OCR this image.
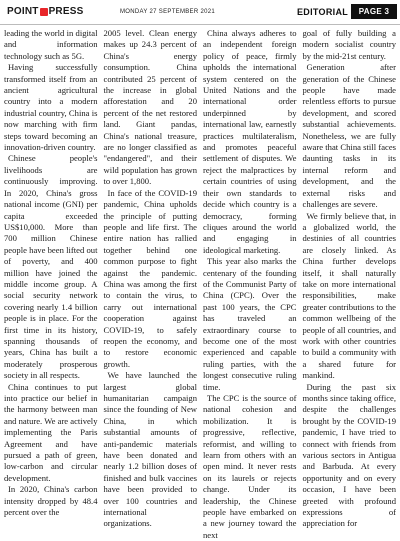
POINT PRESS	MONDAY 27 SEPTEMBER 2021	EDITORIAL	PAGE 3

leading the world in digital and information technology such as 5G.

Having successfully transformed itself from an ancient agricultural country into a modern industrial country, China is now marching with firm steps toward becoming an innovation-driven country.

Chinese people's livelihoods are continuously improving. In 2020, China's gross national income (GNI) per capita exceeded US$10,000. More than 700 million Chinese people have been lifted out of poverty, and 400 million have joined the middle income group. A social security network covering nearly 1.4 billion people is in place. For the first time in its history, spanning thousands of years, China has built a moderately prosperous society in all respects.

China continues to put into practice our belief in the harmony between man and nature. We are actively implementing the Paris Agreement and have pursued a path of green, low-carbon and circular development.

In 2020, China's carbon intensity dropped by 48.4 percent over the

2005 level. Clean energy makes up 24.3 percent of China's energy consumption. China contributed 25 percent of the increase in global afforestation and 20 percent of the net restored land. Giant pandas, China's national treasure, are no longer classified as "endangered", and their wild population has grown to over 1,800.

In face of the COVID-19 pandemic, China upholds the principle of putting people and life first. The entire nation has rallied together behind one common purpose to fight against the pandemic. China was among the first to contain the virus, to carry out international cooperation against COVID-19, to safely reopen the economy, and to restore economic growth.

We have launched the largest global humanitarian campaign since the founding of New China, in which substantial amounts of anti-pandemic materials have been donated and nearly 1.2 billion doses of finished and bulk vaccines have been provided to over 100 countries and international organizations.

China always adheres to an independent foreign policy of peace, firmly upholds the international system centered on the United Nations and the international order underpinned by international law, earnestly practices multilateralism, and promotes peaceful settlement of disputes. We reject the malpractices by certain countries of using their own standards to decide which country is a democracy, forming cliques around the world and engaging in ideological marketing.

This year also marks the centenary of the founding of the Communist Party of China (CPC). Over the past 100 years, the CPC has traveled an extraordinary course to become one of the most experienced and capable ruling parties, with the longest consecutive ruling time.

The CPC is the source of national cohesion and mobilization. It is progressive, reflective, reformist, and willing to learn from others with an open mind. It never rests on its laurels or rejects change. Under its leadership, the Chinese people have embarked on a new journey toward the next

goal of fully building a modern socialist country by the mid-21st century.

Generation after generation of the Chinese people have made relentless efforts to pursue development, and scored substantial achievements. Nonetheless, we are fully aware that China still faces daunting tasks in its internal reform and development, and the external risks and challenges are severe.

We firmly believe that, in a globalized world, the destinies of all countries are closely linked. As China further develops itself, it shall naturally take on more international responsibilities, make greater contributions to the common wellbeing of the people of all countries, and work with other countries to build a community with a shared future for mankind.

During the past six months since taking office, despite the challenges brought by the COVID-19 pandemic, I have tried to connect with friends from various sectors in Antigua and Barbuda. At every opportunity and on every occasion, I have been greeted with profound expressions of appreciation for
